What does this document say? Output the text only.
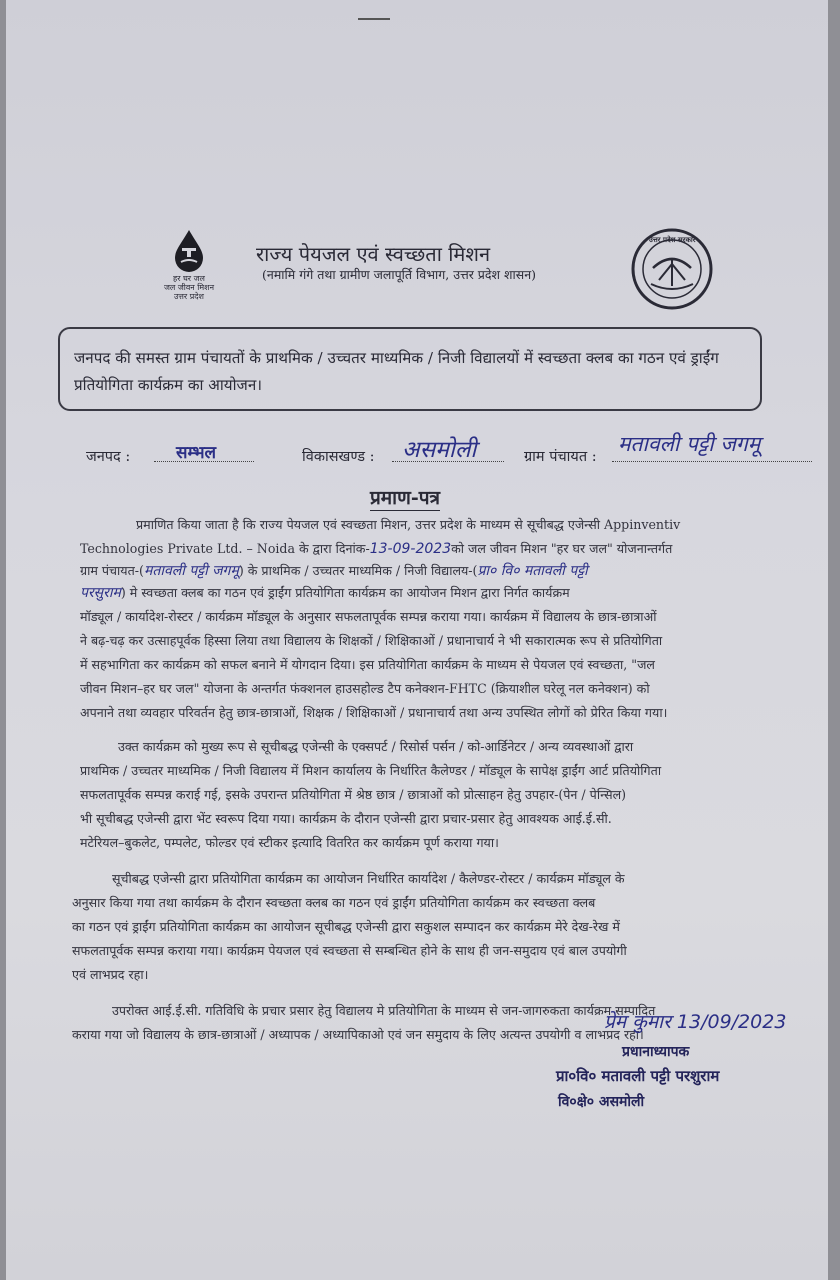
हर घर जल
जल जीवन मिशन
उत्तर प्रदेश
राज्य पेयजल एवं स्वच्छता मिशन
(नमामि गंगे तथा ग्रामीण जलापूर्ति विभाग, उत्तर प्रदेश शासन)
उत्तर प्रदेश सरकार
जनपद की समस्त ग्राम पंचायतों के प्राथमिक / उच्चतर माध्यमिक / निजी विद्यालयों में स्वच्छता क्लब का गठन एवं ड्राईंग प्रतियोगिता कार्यक्रम का आयोजन।
जनपद :	सम्भल	विकासखण्ड : असमोली	ग्राम पंचायत :
मतावली पट्टी जगमू
प्रमाण-पत्र
प्रमाणित किया जाता है कि राज्य पेयजल एवं स्वच्छता मिशन, उत्तर प्रदेश के माध्यम से सूचीबद्ध एजेन्सी Appinventiv
Technologies Private Ltd. – Noida के द्वारा दिनांक-13-09-2023को जल जीवन मिशन "हर घर जल" योजनान्तर्गत
ग्राम पंचायत-(मतावली पट्टी जगमू) के प्राथमिक / उच्चतर माध्यमिक / निजी विद्यालय-(प्रा० वि० मतावली पट्टी
परसुराम) मे स्वच्छता क्लब का गठन एवं ड्राईंग प्रतियोगिता कार्यक्रम का आयोजन मिशन द्वारा निर्गत कार्यक्रम
मॉड्यूल / कार्यादेश-रोस्टर / कार्यक्रम मॉड्यूल के अनुसार सफलतापूर्वक सम्पन्न कराया गया। कार्यक्रम में विद्यालय के छात्र-छात्राओं
ने बढ़-चढ़ कर उत्साहपूर्वक हिस्सा लिया तथा विद्यालय के शिक्षकों / शिक्षिकाओं / प्रधानाचार्य ने भी सकारात्मक रूप से प्रतियोगिता
में सहभागिता कर कार्यक्रम को सफल बनाने में योगदान दिया। इस प्रतियोगिता कार्यक्रम के माध्यम से पेयजल एवं स्वच्छता, "जल
जीवन मिशन–हर घर जल" योजना के अन्तर्गत फंक्शनल हाउसहोल्ड टैप कनेक्शन-FHTC (क्रियाशील घरेलू नल कनेक्शन) को
अपनाने तथा व्यवहार परिवर्तन हेतु छात्र-छात्राओं, शिक्षक / शिक्षिकाओं / प्रधानाचार्य तथा अन्य उपस्थित लोगों को प्रेरित किया गया।
उक्त कार्यक्रम को मुख्य रूप से सूचीबद्ध एजेन्सी के एक्सपर्ट / रिसोर्स पर्सन / को-आर्डिनेटर / अन्य व्यवस्थाओं द्वारा
प्राथमिक / उच्चतर माध्यमिक / निजी विद्यालय में मिशन कार्यालय के निर्धारित कैलेण्डर / मॉड्यूल के सापेक्ष ड्राईंग आर्ट प्रतियोगिता
सफलतापूर्वक सम्पन्न कराई गई, इसके उपरान्त प्रतियोगिता में श्रेष्ठ छात्र / छात्राओं को प्रोत्साहन हेतु उपहार-(पेन / पेन्सिल)
भी सूचीबद्ध एजेन्सी द्वारा भेंट स्वरूप दिया गया। कार्यक्रम के दौरान एजेन्सी द्वारा प्रचार-प्रसार हेतु आवश्यक आई.ई.सी.
मटेरियल–बुकलेट, पम्पलेट, फोल्डर एवं स्टीकर इत्यादि वितरित कर कार्यक्रम पूर्ण कराया गया।
सूचीबद्ध एजेन्सी द्वारा प्रतियोगिता कार्यक्रम का आयोजन निर्धारित कार्यादेश / कैलेण्डर-रोस्टर / कार्यक्रम मॉड्यूल के
अनुसार किया गया तथा कार्यक्रम के दौरान स्वच्छता क्लब का गठन एवं ड्राईंग प्रतियोगिता कार्यक्रम कर स्वच्छता क्लब
का गठन एवं ड्राईंग प्रतियोगिता कार्यक्रम का आयोजन सूचीबद्ध एजेन्सी द्वारा सकुशल सम्पादन कर कार्यक्रम मेरे देख-रेख में
सफलतापूर्वक सम्पन्न कराया गया। कार्यक्रम पेयजल एवं स्वच्छता से सम्बन्धित होने के साथ ही जन-समुदाय एवं बाल उपयोगी
एवं लाभप्रद रहा।
उपरोक्त आई.ई.सी. गतिविधि के प्रचार प्रसार हेतु विद्यालय मे प्रतियोगिता के माध्यम से जन-जागरुकता कार्यक्रम सम्पादित
कराया गया जो विद्यालय के छात्र-छात्राओं / अध्यापक / अध्यापिकाओ एवं जन समुदाय के लिए अत्यन्त उपयोगी व लाभप्रद रहा।
प्रेम कुमार 13/09/2023
प्रधानाध्यापक
प्रा०वि० मतावली पट्टी परशुराम
वि०क्षे० असमोली
